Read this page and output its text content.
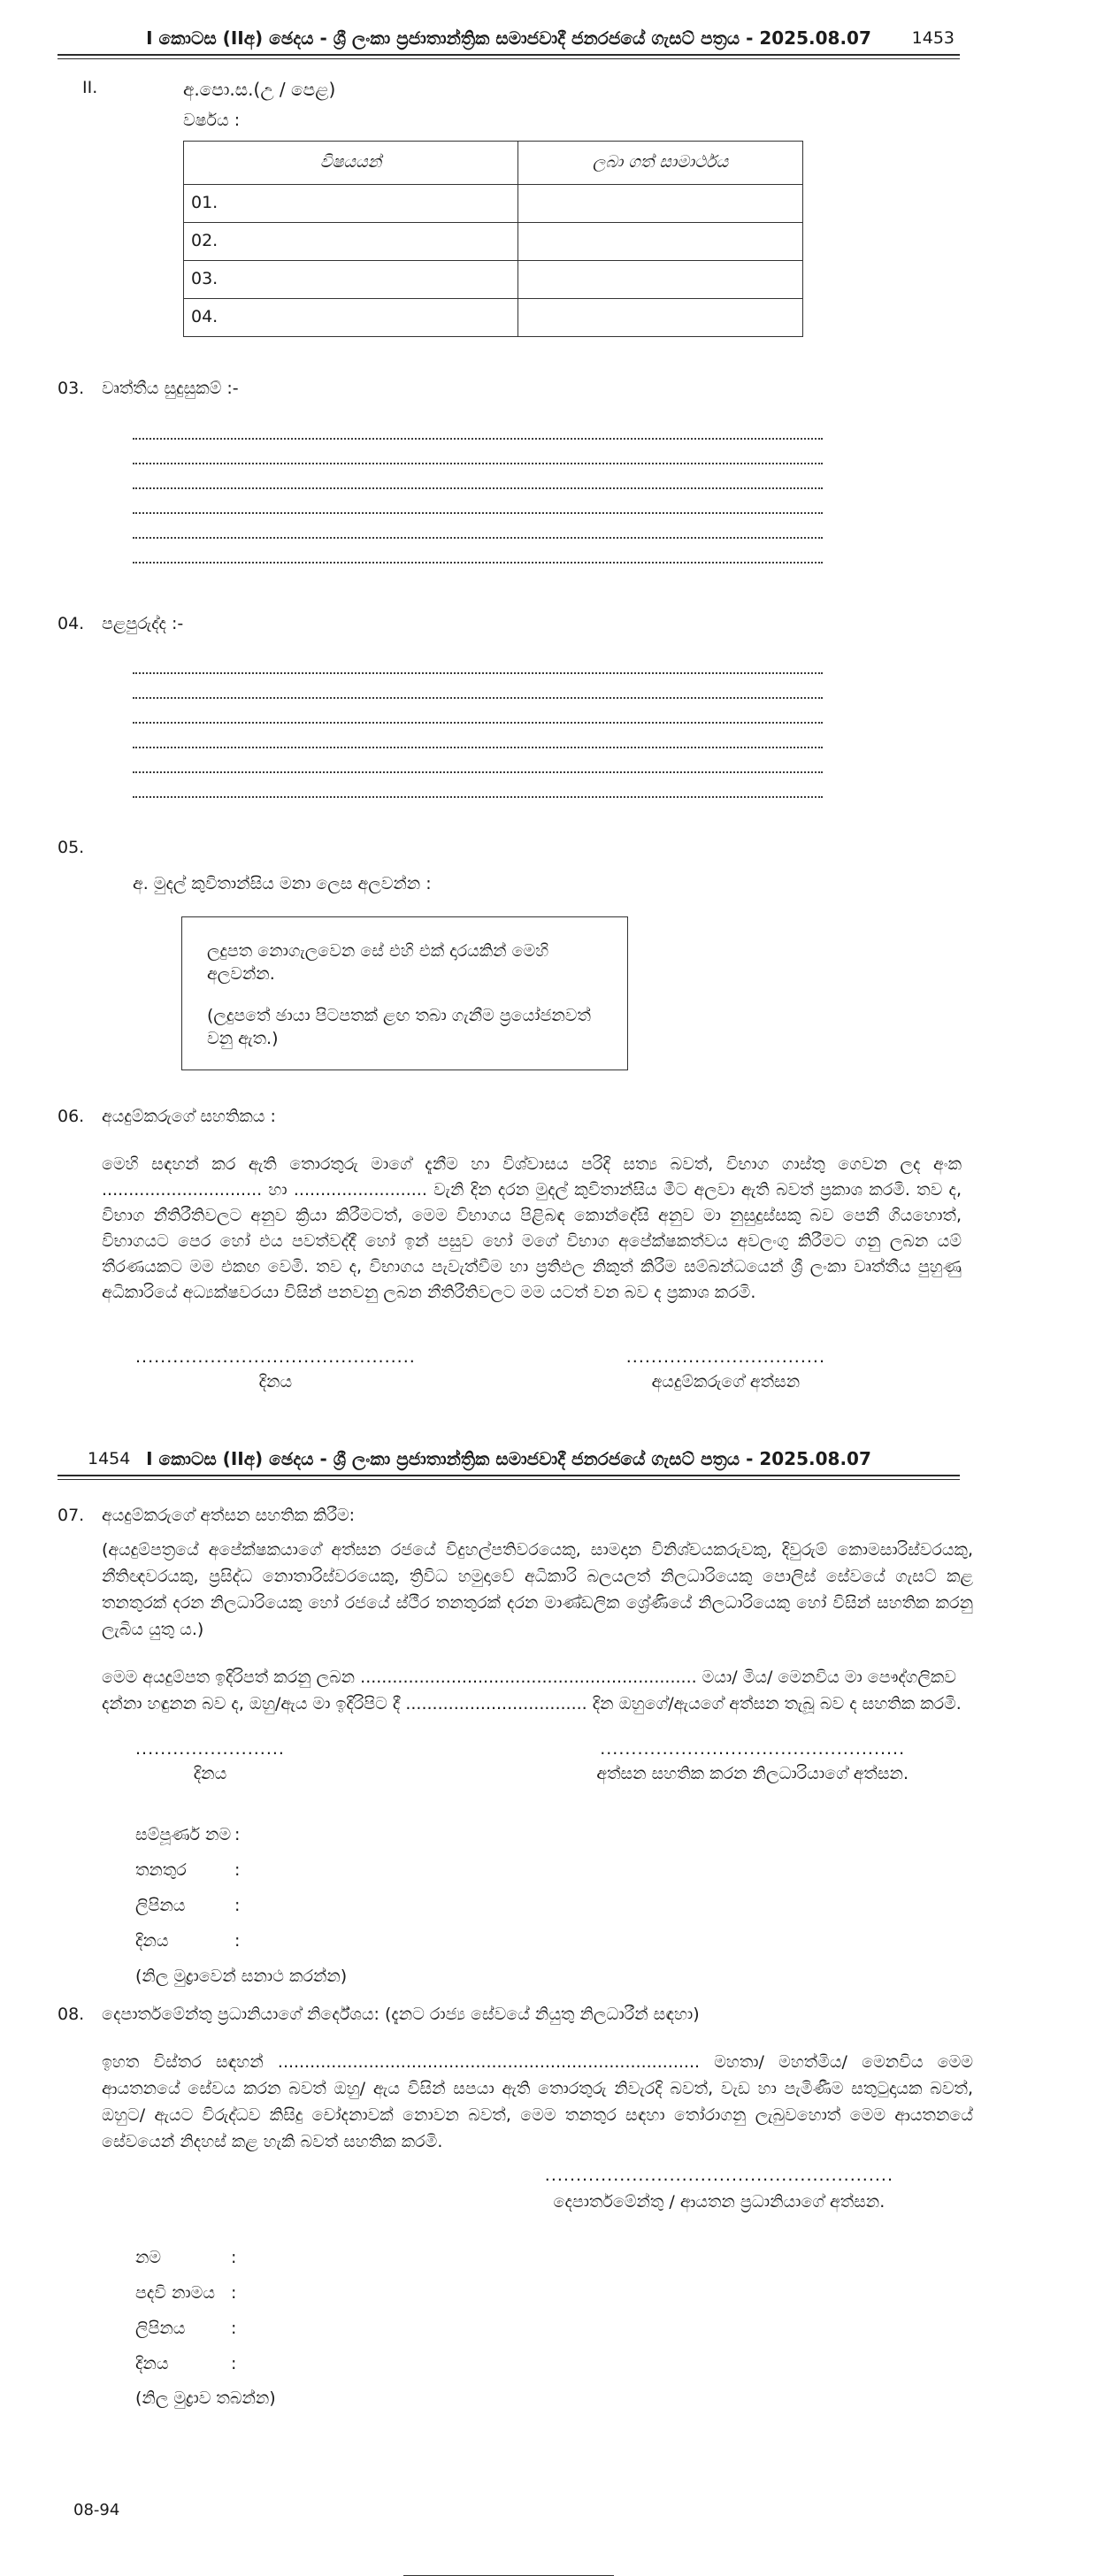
I කොටස (IIඅ) ඡෙදය - ශ්‍රී ලංකා ප්‍රජාතාන්ත්‍රික සමාජවාදී ජනරජයේ ගැසට් පත්‍රය - 2025.08.07	1453
II.	අ.පො.ස.(උ / පෙළ)
වර්ෂය :
විෂයයන්	ලබා ගත් සාමාර්ථය
01.	
02.	
03.	
04.	
03.	වෘත්තීය සුදුසුකම් :-
04.	පළපුරුද්ද :-
05.
අ. මුදල් කුවිතාන්සිය මනා ලෙස අලවන්න :
ලදුපත නොගැලවෙන සේ එහි එක් දාරයකින් මෙහි අලවන්න.
(ලදුපතේ ඡායා පිටපතක් ළඟ තබා ගැනීම ප්‍රයෝජනවත් වනු ඇත.)
06.	අයදුම්කරුගේ සහතිකය :
මෙහි සඳහන් කර ඇති තොරතුරු මාගේ දැනීම හා විශ්වාසය පරිදි සත්‍ය බවත්, විභාග ගාස්තු ගෙවන ලද අංක .............................. හා ......................... වැනි දින දරන මුදල් කුවිතාන්සිය මීට අලවා ඇති බවත් ප්‍රකාශ කරමි. තව ද, විභාග නීතිරීතිවලට අනුව ක්‍රියා කිරීමටත්, මෙම විභාගය පිළිබඳ කොන්දේසි අනුව මා නුසුදුස්සකු බව පෙනී ගියහොත්, විභාගයට පෙර හෝ එය පවත්වද්දී හෝ ඉන් පසුව හෝ මගේ විභාග අපේක්ෂකත්වය අවලංගු කිරීමට ගනු ලබන යම් තීරණයකට මම එකඟ වෙමි. තව ද, විභාගය පැවැත්වීම හා ප්‍රතිඵල නිකුත් කිරීම සම්බන්ධයෙන් ශ්‍රී ලංකා වෘත්තීය පුහුණු අධිකාරියේ අධ්‍යක්ෂවරයා විසින් පනවනු ලබන නීතිරීතිවලට මම යටත් වන බව ද ප්‍රකාශ කරමි.
.............................................
දිනය
................................
අයදුම්කරුගේ අත්සන
I කොටස (IIඅ) ඡෙදය - ශ්‍රී ලංකා ප්‍රජාතාන්ත්‍රික සමාජවාදී ජනරජයේ ගැසට් පත්‍රය - 2025.08.07
1454
07.	අයදුම්කරුගේ අත්සන සහතික කිරීම:
(අයදුම්පත්‍රයේ අපේක්ෂකයාගේ අත්සන රජයේ විදුහල්පතිවරයෙකු, සාමදාන විනිශ්චයකරුවකු, දිවුරුම් කොමසාරිස්වරයකු, නීතිඥවරයකු, ප්‍රසිද්ධ නොතාරිස්වරයෙකු, ත්‍රිවිධ හමුදාවේ අධිකාරි බලයලත් නිලධාරියෙකු පොලිස් සේවයේ ගැසට් කළ තනතුරක් දරන නිලධාරියෙකු හෝ රජයේ ස්ථීර තනතුරක් දරන මාණ්ඩලික ශ්‍රේණියේ නිලධාරියෙකු හෝ විසින් සහතික කරනු ලැබිය යුතු ය.)
මෙම අයදුම්පත ඉදිරිපත් කරනු ලබන ............................................................... මයා/ මිය/ මෙනවිය මා පෞද්ගලිකව දන්නා හඳුනන බව ද, ඔහු/ඇය මා ඉදිරිපිට දී .................................. දින ඔහුගේ/ඇයගේ අත්සන තැබූ බව ද සහතික කරමි.
........................
දිනය
.................................................
අත්සන සහතික කරන නිලධාරියාගේ අත්සන.
සම්පූර්ණ නම :
තනතුර	:
ලිපිනය	:
දිනය	:
(නිල මුද්‍රාවෙන් සනාථ කරන්න)
08.	දෙපාර්තමේන්තු ප්‍රධානියාගේ නිර්දේශය: (දැනට රාජ්‍ය සේවයේ නියුතු නිලධාරීන් සඳහා)
ඉහත විස්තර සඳහන් ............................................................................... මහතා/ මහත්මිය/ මෙනවිය මෙම ආයතනයේ සේවය කරන බවත් ඔහු/ ඇය විසින් සපයා ඇති තොරතුරු නිවැරදි බවත්, වැඩ හා පැමිණීම සතුටුදායක බවත්, ඔහුට/ ඇයට විරුද්ධව කිසිදු චෝදනාවක් නොවන බවත්, මෙම තනතුර සඳහා තෝරාගනු ලැබුවහොත් මෙම ආයතනයේ සේවයෙන් නිදහස් කළ හැකි බවත් සහතික කරමි.
........................................................
දෙපාර්තමේන්තු / ආයතන ප්‍රධානියාගේ අත්සන.
නම	:
පදවි නාමය :
ලිපිනය	:
දිනය	:
(නිල මුද්‍රාව තබන්න)
08-94
